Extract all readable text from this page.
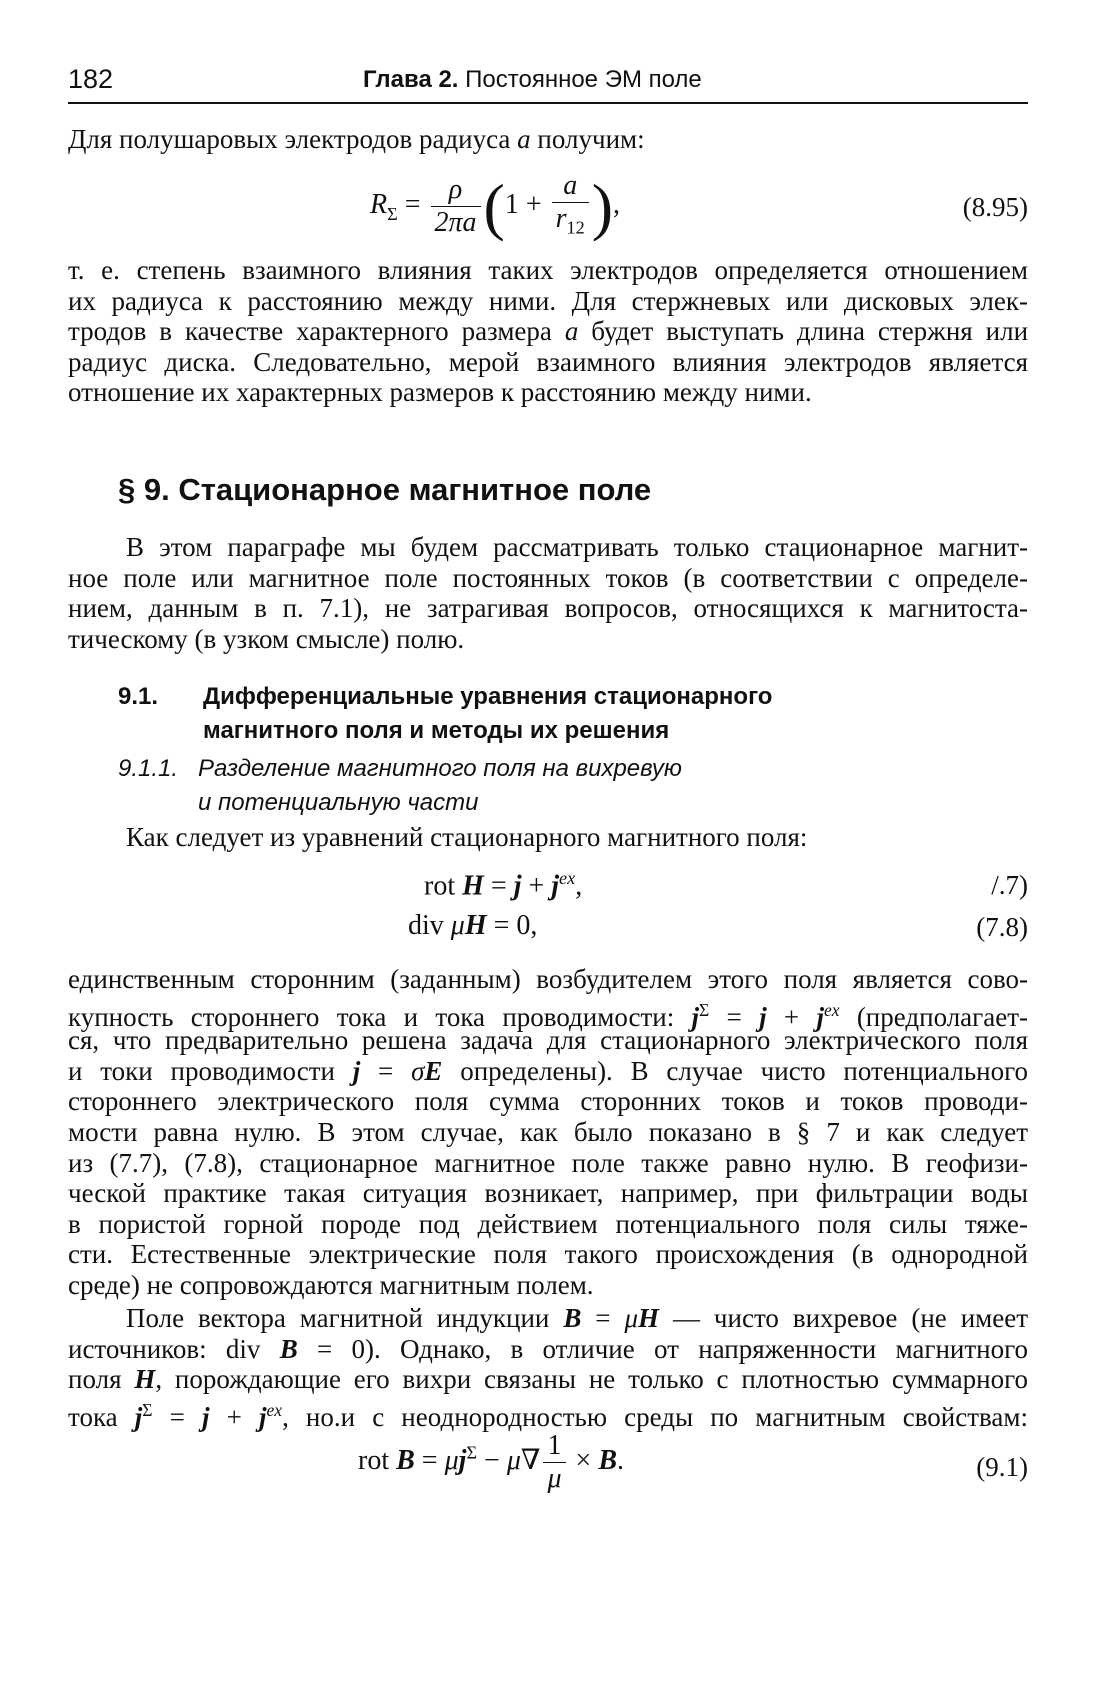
182	Глава 2. Постоянное ЭМ поле
Для полушаровых электродов радиуса a получим:
$R_\Sigma = \frac{\rho}{2\pi a} (1 + \frac{a}{r_{12}}$ ),	(8.95)
т. е. степень взаимного влияния таких электродов определяется отношением
их радиуса к расстоянию между ними. Для стержневых или дисковых элек-
тродов в качестве характерного размера a будет выступать длина стержня или
радиус диска. Следовательно, мерой взаимного влияния электродов является
отношение их характерных размеров к расстоянию между ними.
§ 9. Стационарное магнитное поле
В этом параграфе мы будем рассматривать только стационарное магнит-
ное поле или магнитное поле постоянных токов (в соответствии с определе-
нием, данным в п. 7.1), не затрагивая вопросов, относящихся к магнитоста-
тическому (в узком смысле) полю.
9.1. Дифференциальные уравнения стационарного
магнитного поля и методы их решения
9.1.1. Разделение магнитного поля на вихревую
и потенциальную части
Как следует из уравнений стационарного магнитного поля:
rot $H = j + j^{ex}$,	/.7)
div μH = 0,	(7.8)
единственным сторонним (заданным) возбудителем этого поля является сово-
купность стороннего тока и тока проводимости: $j^\Sigma = j + j^{ex}$ (предполагает-
ся, что предварительно решена задача для стационарного электрического поля
и токи проводимости j = σE определены). В случае чисто потенциального
стороннего электрического поля сумма сторонних токов и токов проводи-
мости равна нулю. В этом случае, как было показано в § 7 и как следует
из (7.7), (7.8), стационарное магнитное поле также равно нулю. В геофизи-
ческой практике такая ситуация возникает, например, при фильтрации воды
в пористой горной породе под действием потенциального поля силы тяже-
сти. Естественные электрические поля такого происхождения (в однородной
среде) не сопровождаются магнитным полем.
Поле вектора магнитной индукции B = μH — чисто вихревое (не имеет
источников: div B = 0). Однако, в отличие от напряженности магнитного
поля H, порождающие его вихри связаны не только с плотностью суммарного
тока $j^\Sigma = j + j^{ex}$, но.и с неоднородностью среды по магнитным свойствам:
rot $B = \mu j^\Sigma - \mu\nabla \frac{1}{\mu} \times B$.	(9.1)
